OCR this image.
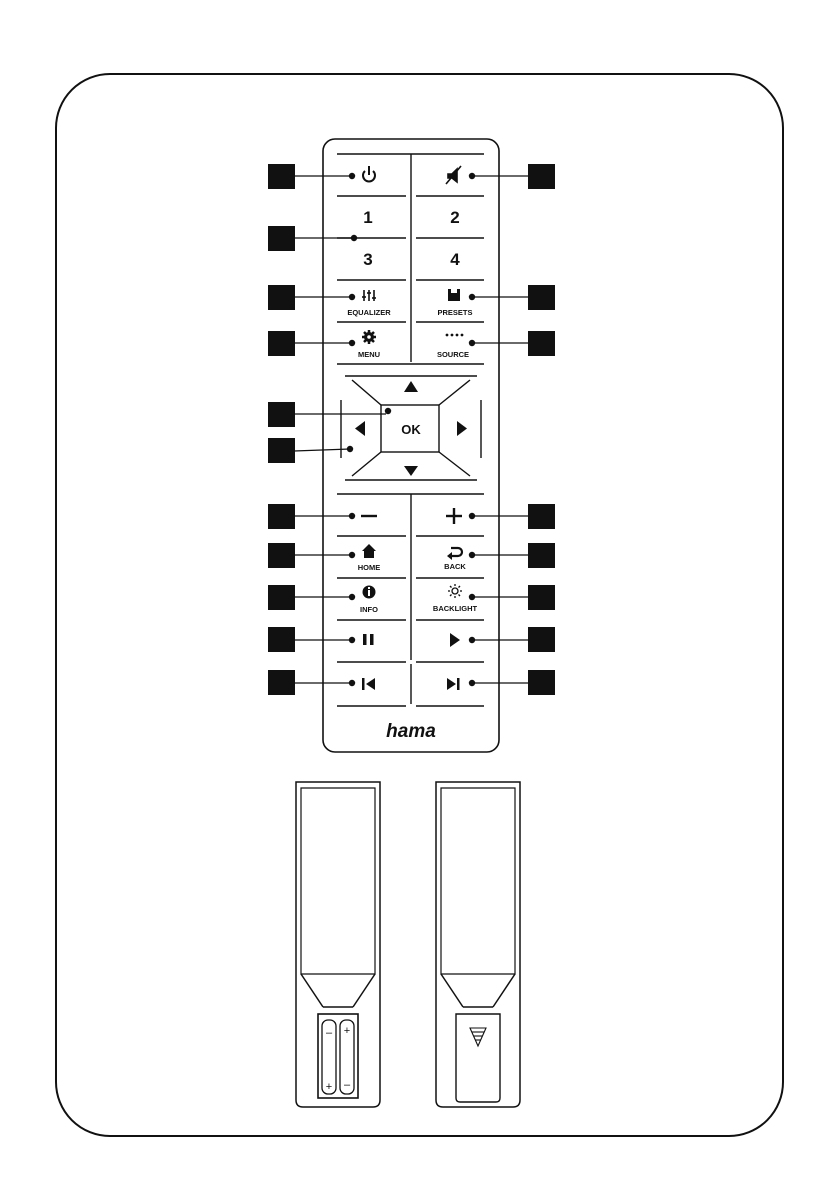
OK
1	2
3	4
EQUALIZER	PRESETS
MENU	SOURCE
HOME	BACK
INFO	BACKLIGHT
hama
–
+
+
–
